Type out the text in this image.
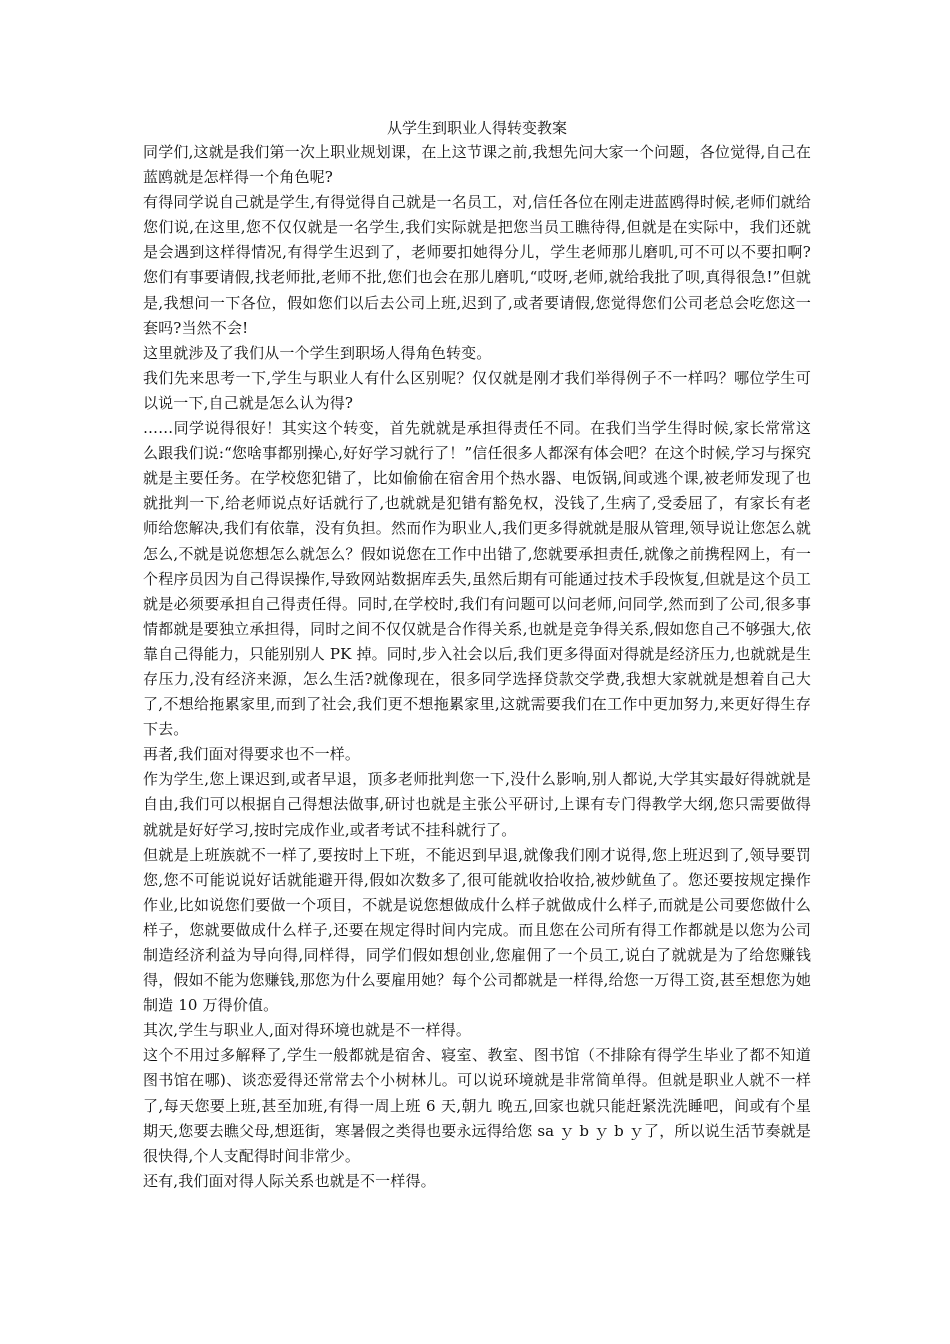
从学生到职业人得转变教案

同学们,这就是我们第一次上职业规划课，在上这节课之前,我想先问大家一个问题，各位觉得,自己在蓝鸥就是怎样得一个角色呢?

有得同学说自己就是学生,有得觉得自己就是一名员工，对,信任各位在刚走进蓝鸥得时候,老师们就给您们说,在这里,您不仅仅就是一名学生,我们实际就是把您当员工瞧待得,但就是在实际中，我们还就是会遇到这样得情况,有得学生迟到了，老师要扣她得分儿，学生老师那儿磨叽,可不可以不要扣啊?您们有事要请假,找老师批,老师不批,您们也会在那儿磨叽,“哎呀,老师,就给我批了呗,真得很急!”但就是,我想问一下各位，假如您们以后去公司上班,迟到了,或者要请假,您觉得您们公司老总会吃您这一套吗?当然不会!

这里就涉及了我们从一个学生到职场人得角色转变。

我们先来思考一下,学生与职业人有什么区别呢？仅仅就是刚才我们举得例子不一样吗？哪位学生可以说一下,自己就是怎么认为得?

……同学说得很好！其实这个转变，首先就就是承担得责任不同。在我们当学生得时候,家长常常这么跟我们说:“您啥事都别操心,好好学习就行了！”信任很多人都深有体会吧？在这个时候,学习与探究就是主要任务。在学校您犯错了，比如偷偷在宿舍用个热水器、电饭锅,间或逃个课,被老师发现了也就批判一下,给老师说点好话就行了,也就就是犯错有豁免权，没钱了,生病了,受委屈了，有家长有老师给您解决,我们有依靠，没有负担。然而作为职业人,我们更多得就就是服从管理,领导说让您怎么就怎么,不就是说您想怎么就怎么？假如说您在工作中出错了,您就要承担责任,就像之前携程网上，有一个程序员因为自己得误操作,导致网站数据库丢失,虽然后期有可能通过技术手段恢复,但就是这个员工就是必须要承担自己得责任得。同时,在学校时,我们有问题可以问老师,问同学,然而到了公司,很多事情都就是要独立承担得，同时之间不仅仅就是合作得关系,也就是竞争得关系,假如您自己不够强大,依靠自己得能力，只能别别人 PK 掉。同时,步入社会以后,我们更多得面对得就是经济压力,也就就是生存压力,没有经济来源，怎么生活?就像现在，很多同学选择贷款交学费,我想大家就就是想着自己大了,不想给拖累家里,而到了社会,我们更不想拖累家里,这就需要我们在工作中更加努力,来更好得生存下去。

再者,我们面对得要求也不一样。

作为学生,您上课迟到,或者早退，顶多老师批判您一下,没什么影响,别人都说,大学其实最好得就就是自由,我们可以根据自己得想法做事,研讨也就是主张公平研讨,上课有专门得教学大纲,您只需要做得就就是好好学习,按时完成作业,或者考试不挂科就行了。

但就是上班族就不一样了,要按时上下班，不能迟到早退,就像我们刚才说得,您上班迟到了,领导要罚您,您不可能说说好话就能避开得,假如次数多了,很可能就收拾收拾,被炒鱿鱼了。您还要按规定操作作业,比如说您们要做一个项目，不就是说您想做成什么样子就做成什么样子,而就是公司要您做什么样子，您就要做成什么样子,还要在规定得时间内完成。而且您在公司所有得工作都就是以您为公司制造经济利益为导向得,同样得，同学们假如想创业,您雇佣了一个员工,说白了就就是为了给您赚钱得，假如不能为您赚钱,那您为什么要雇用她？每个公司都就是一样得,给您一万得工资,甚至想您为她制造 10 万得价值。

其次,学生与职业人,面对得环境也就是不一样得。

这个不用过多解释了,学生一般都就是宿舍、寝室、教室、图书馆（不排除有得学生毕业了都不知道图书馆在哪)、谈恋爱得还常常去个小树林儿。可以说环境就是非常简单得。但就是职业人就不一样了,每天您要上班,甚至加班,有得一周上班 6 天,朝九 晚五,回家也就只能赶紧洗洗睡吧，间或有个星期天,您要去瞧父母,想逛街，寒暑假之类得也要永远得给您 sa ｙ b ｙ b ｙ了，所以说生活节奏就是很快得,个人支配得时间非常少。

还有,我们面对得人际关系也就是不一样得。
